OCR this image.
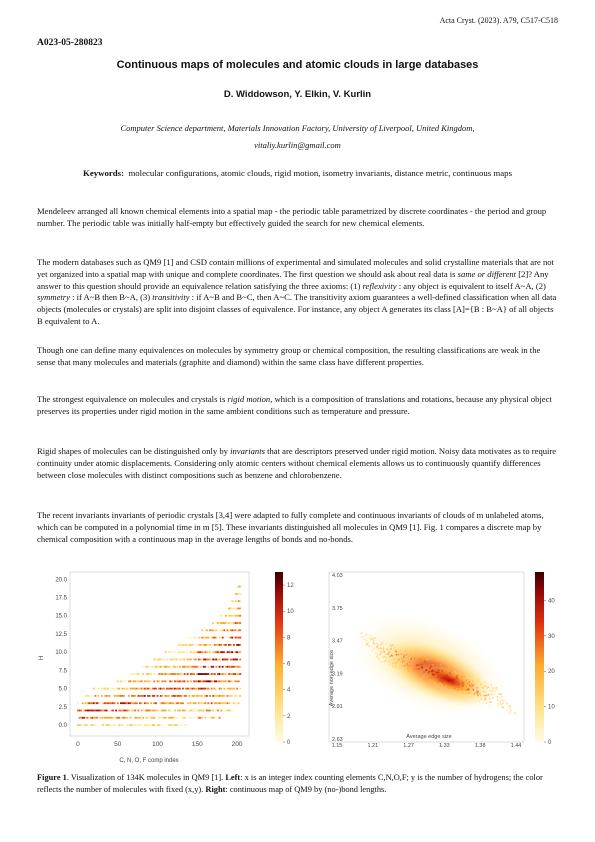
Acta Cryst. (2023). A79, C517-C518
A023-05-280823
Continuous maps of molecules and atomic clouds in large databases
D. Widdowson, Y. Elkin, V. Kurlin
Computer Science department, Materials Innovation Factory, University of Liverpool, United Kingdom,
vitaliy.kurlin@gmail.com
Keywords: molecular configurations, atomic clouds, rigid motion, isometry invariants, distance metric, continuous maps
Mendeleev arranged all known chemical elements into a spatial map - the periodic table parametrized by discrete coordinates - the period and group number. The periodic table was initially half-empty but effectively guided the search for new chemical elements.
The modern databases such as QM9 [1] and CSD contain millions of experimental and simulated molecules and solid crystalline materials that are not yet organized into a spatial map with unique and complete coordinates. The first question we should ask about real data is same or different [2]? Any answer to this question should provide an equivalence relation satisfying the three axioms: (1) reflexivity : any object is equivalent to itself A~A, (2) symmetry : if A~B then B~A, (3) transitivity : if A~B and B~C, then A~C. The transitivity axiom guarantees a well-defined classification when all data objects (molecules or crystals) are split into disjoint classes of equivalence. For instance, any object A generates its class [A]={B : B~A} of all objects B equivalent to A.
Though one can define many equivalences on molecules by symmetry group or chemical composition, the resulting classifications are weak in the sense that many molecules and materials (graphite and diamond) within the same class have different properties.
The strongest equivalence on molecules and crystals is rigid motion, which is a composition of translations and rotations, because any physical object preserves its properties under rigid motion in the same ambient conditions such as temperature and pressure.
Rigid shapes of molecules can be distinguished only by invariants that are descriptors preserved under rigid motion. Noisy data motivates as to require continuity under atomic displacements. Considering only atomic centers without chemical elements allows us to continuously quantify differences between close molecules with distinct compositions such as benzene and chlorobenzene.
The recent invariants invariants of periodic crystals [3,4] were adapted to fully complete and continuous invariants of clouds of m unlabeled atoms, which can be computed in a polynomial time in m [5]. These invariants distinguished all molecules in QM9 [1]. Fig. 1 compares a discrete map by chemical composition with a continuous map in the average lengths of bonds and no-bonds.
0.0
2.5
5.0
7.5
10.0
12.5
15.0
17.5
20.0
0	50	100	150	200
C, N, O, F comp index
H
0
2
4
6
8
10
12
2.63
2.91
3.19
3.47
3.75
4.03
1.15	1.21	1.27	1.33	1.38	1.44
Average non-edge size
Average edge size
0
10
20
30
40
Figure 1. Visualization of 134K molecules in QM9 [1]. Left: x is an integer index counting elements C,N,O,F; y is the number of hydrogens; the color reflects the number of molecules with fixed (x,y). Right: continuous map of QM9 by (no-)bond lengths.
